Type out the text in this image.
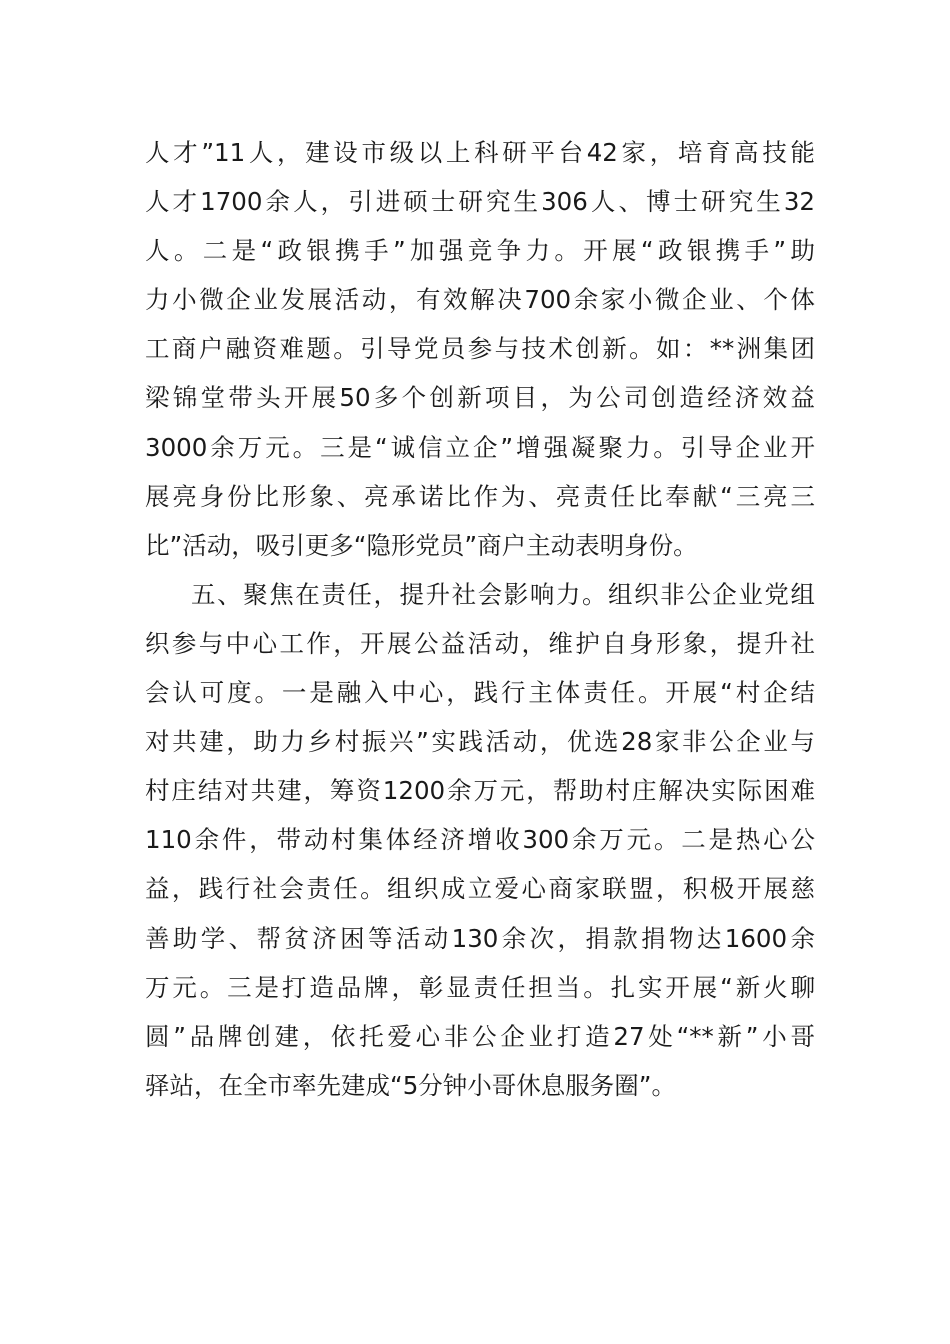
人才”11人，建设市级以上科研平台42家，培育高技能
人才1700余人，引进硕士研究生306人、博士研究生32
人。二是“政银携手”加强竞争力。开展“政银携手”助
力小微企业发展活动，有效解决700余家小微企业、个体
工商户融资难题。引导党员参与技术创新。如：**洲集团
梁锦堂带头开展50多个创新项目，为公司创造经济效益
3000余万元。三是“诚信立企”增强凝聚力。引导企业开
展亮身份比形象、亮承诺比作为、亮责任比奉献“三亮三
比”活动，吸引更多“隐形党员”商户主动表明身份。
五、聚焦在责任，提升社会影响力。组织非公企业党组
织参与中心工作，开展公益活动，维护自身形象，提升社
会认可度。一是融入中心，践行主体责任。开展“村企结
对共建，助力乡村振兴”实践活动，优选28家非公企业与
村庄结对共建，筹资1200余万元，帮助村庄解决实际困难
110余件，带动村集体经济增收300余万元。二是热心公
益，践行社会责任。组织成立爱心商家联盟，积极开展慈
善助学、帮贫济困等活动130余次，捐款捐物达1600余
万元。三是打造品牌，彰显责任担当。扎实开展“新火聊
圆”品牌创建，依托爱心非公企业打造27处“**新”小哥
驿站，在全市率先建成“5分钟小哥休息服务圈”。
